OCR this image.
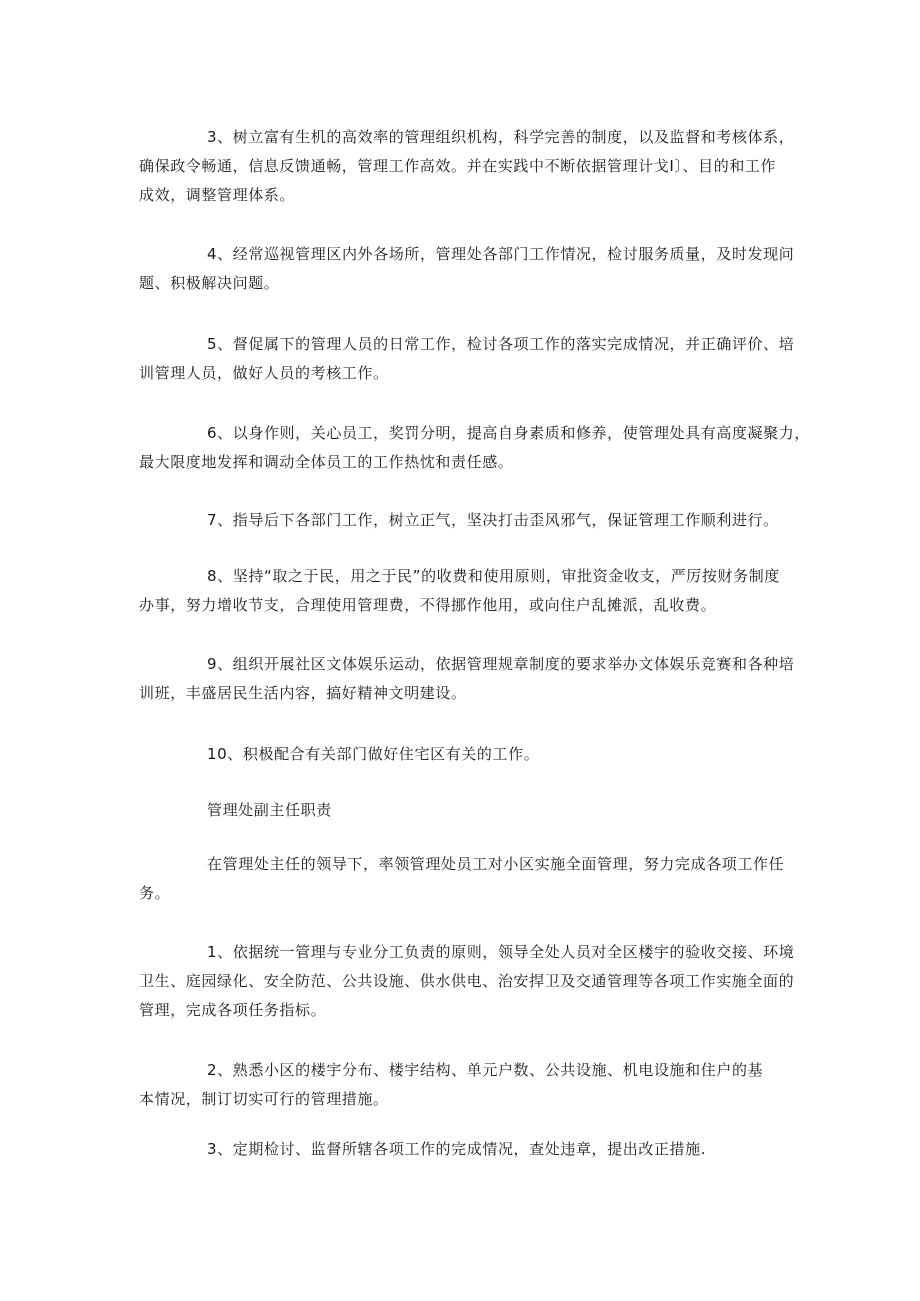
3、树立富有生机的高效率的管理组织机构，科学完善的制度，以及监督和考核体系，
确保政令畅通，信息反馈通畅，管理工作高效。并在实践中不断依据管理计戈I〕、目的和工作
成效，调整管理体系。

4、经常巡视管理区内外各场所，管理处各部门工作情况，检讨服务质量，及时发现问
题、积极解决问题。

5、督促属下的管理人员的日常工作，检讨各项工作的落实完成情况，并正确评价、培
训管理人员，做好人员的考核工作。

6、以身作则，关心员工，奖罚分明，提高自身素质和修养，使管理处具有高度凝聚力，
最大限度地发挥和调动全体员工的工作热忱和责任感。

7、指导后下各部门工作，树立正气，坚决打击歪风邪气，保证管理工作顺利进行。

8、坚持“取之于民，用之于民”的收费和使用原则，审批资金收支，严厉按财务制度
办事，努力增收节支，合理使用管理费，不得挪作他用，或向住户乱摊派，乱收费。

9、组织开展社区文体娱乐运动，依据管理规章制度的要求举办文体娱乐竞赛和各种培
训班，丰盛居民生活内容，搞好精神文明建设。

10、积极配合有关部门做好住宅区有关的工作。

管理处副主任职责

在管理处主任的领导下，率领管理处员工对小区实施全面管理，努力完成各项工作任
务。

1、依据统一管理与专业分工负责的原则，领导全处人员对全区楼宇的验收交接、环境
卫生、庭园绿化、安全防范、公共设施、供水供电、治安捍卫及交通管理等各项工作实施全面的
管理，完成各项任务指标。

2、熟悉小区的楼宇分布、楼宇结构、单元户数、公共设施、机电设施和住户的基
本情况，制订切实可行的管理措施。

3、定期检讨、监督所辖各项工作的完成情况，查处违章，提出改正措施.
